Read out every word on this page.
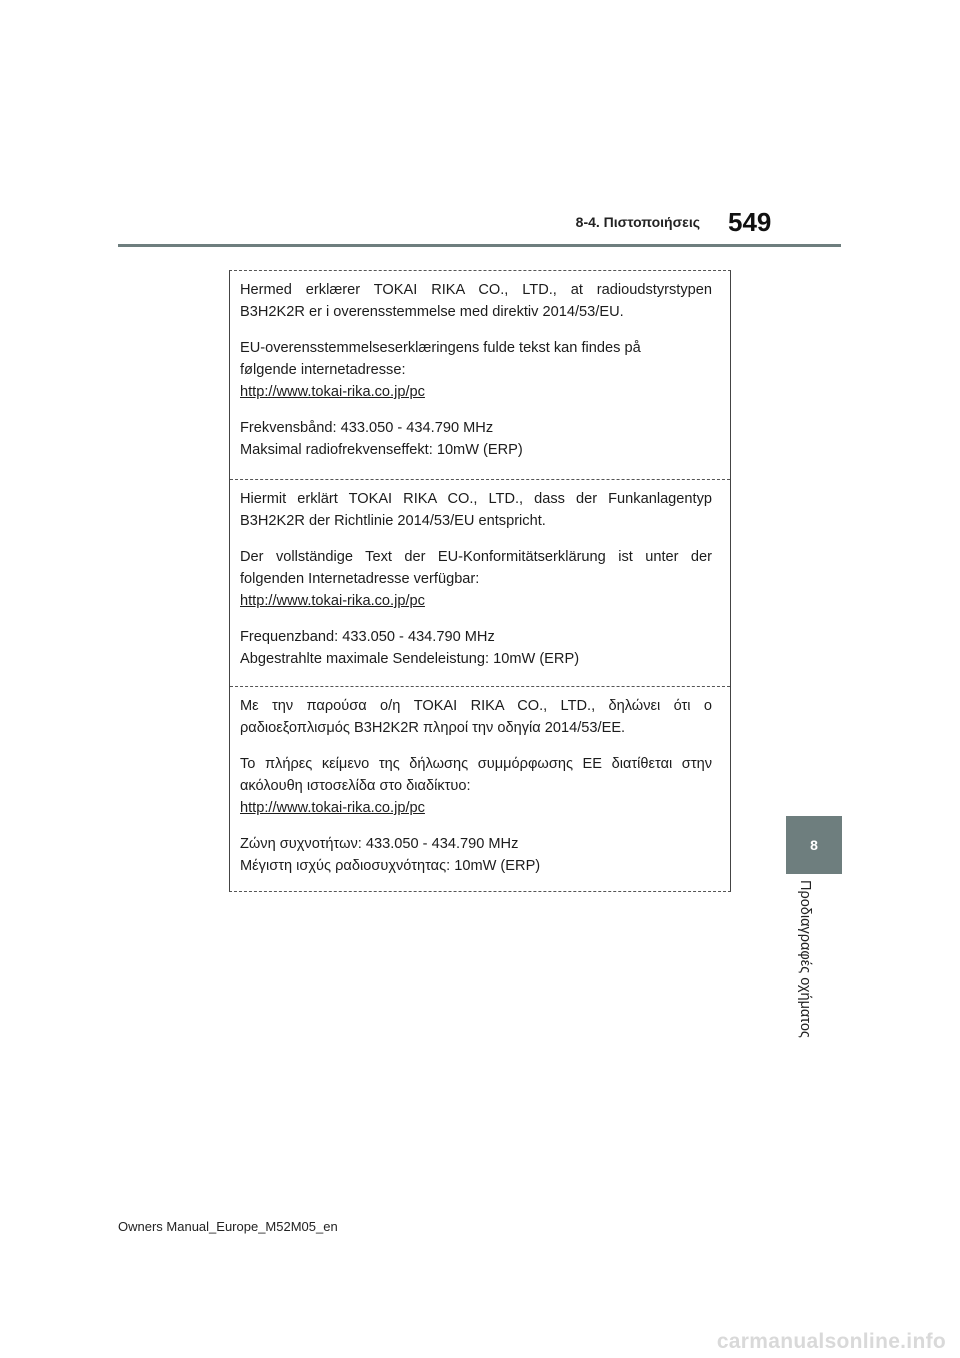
8-4. Πιστοποιήσεις 549
Hermed erklærer TOKAI RIKA CO., LTD., at radioudstyrstypen
B3H2K2R er i overensstemmelse med direktiv 2014/53/EU.
EU-overensstemmelseserklæringens fulde tekst kan findes på
følgende internetadresse:
http://www.tokai-rika.co.jp/pc
Frekvensbånd: 433.050 - 434.790 MHz
Maksimal radiofrekvenseffekt: 10mW (ERP)
Hiermit erklärt TOKAI RIKA CO., LTD., dass der Funkanlagentyp
B3H2K2R der Richtlinie 2014/53/EU entspricht.
Der vollständige Text der EU-Konformitätserklärung ist unter der
folgenden Internetadresse verfügbar:
http://www.tokai-rika.co.jp/pc
Frequenzband: 433.050 - 434.790 MHz
Abgestrahlte maximale Sendeleistung: 10mW (ERP)
Με την παρούσα ο/η TOKAI RIKA CO., LTD., δηλώνει ότι ο
ραδιοεξοπλισμός B3H2K2R πληροί την οδηγία 2014/53/ΕΕ.
Το πλήρες κείμενο της δήλωσης συμμόρφωσης ΕΕ διατίθεται στην
ακόλουθη ιστοσελίδα στο διαδίκτυο:
http://www.tokai-rika.co.jp/pc
Ζώνη συχνοτήτων: 433.050 - 434.790 MHz
Μέγιστη ισχύς ραδιοσυχνότητας: 10mW (ERP)
8
Προδιαγραφές οχήματος
Owners Manual_Europe_M52M05_en
carmanualsonline.info
